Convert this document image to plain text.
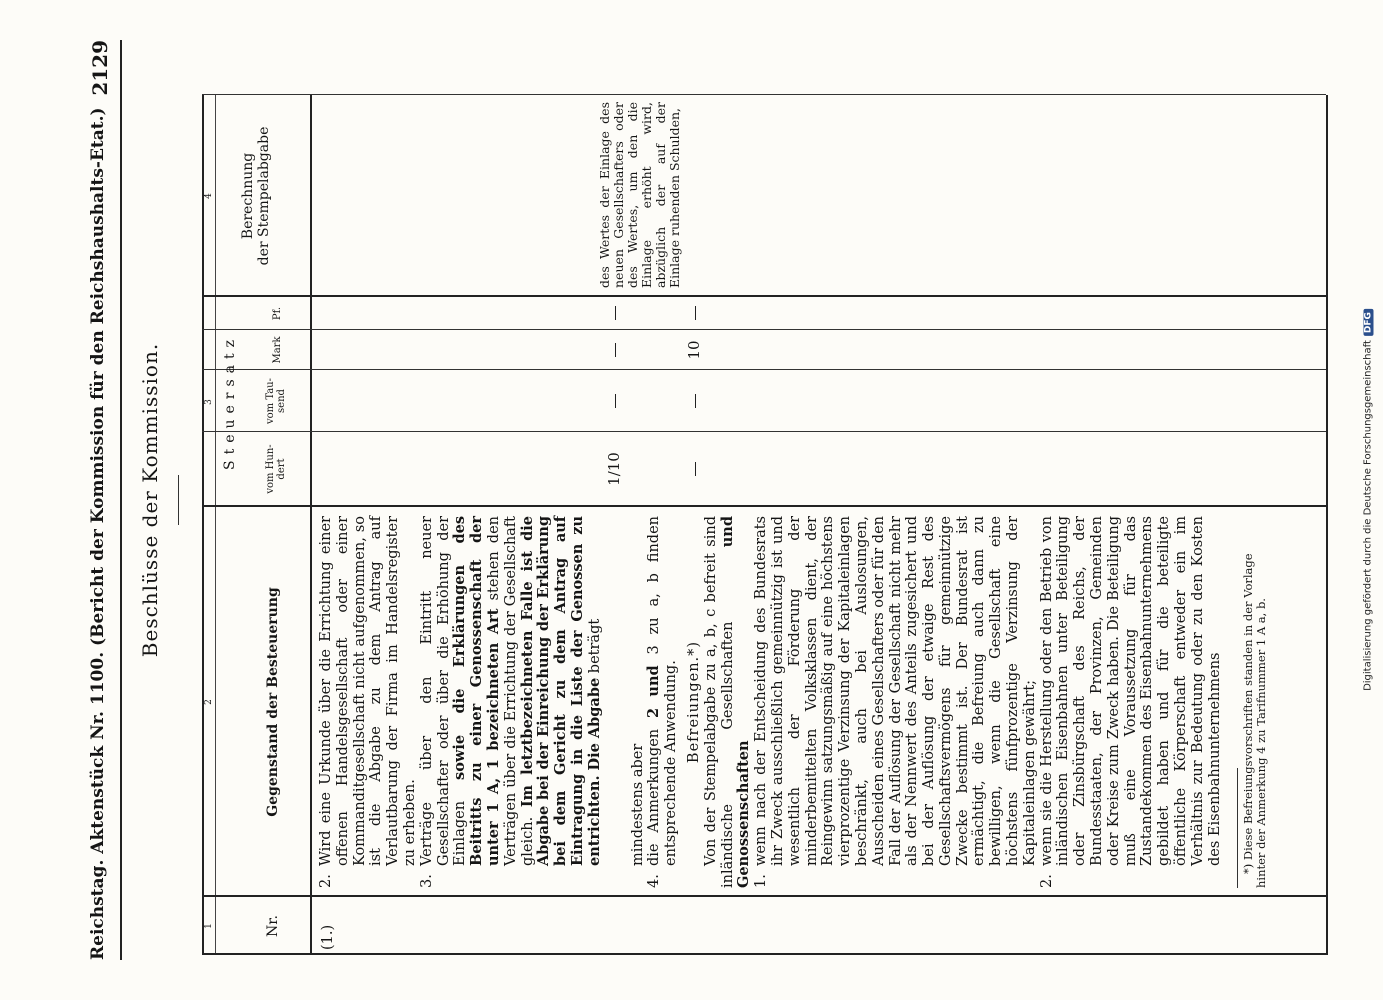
Reichstag. Aktenstück Nr. 1100. (Bericht der Kommission für den Reichshaushalts-Etat.)
2129
Beschlüsse der Kommission.
1
2
3
4
Nr.
Gegenstand der Besteuerung
Steuersatz	vom Hun- dert
vom Tau- send
Mark
Pf.
Berechnung der Stempelabgabe
(1.)
2.
Wird eine Urkunde über die Errichtung einer offenen Handelsgesellschaft oder einer Kommanditgesellschaft nicht aufgenommen, so ist die Abgabe zu dem Antrag auf Verlautbarung der Firma im Handelsregister zu erheben.
3.
Verträge über den Eintritt neuer Gesellschafter oder über die Erhöhung der Einlagen sowie die Erklärungen des Beitritts zu einer Genossenschaft der unter 1 A, 1 bezeichneten Art stehen den Verträgen über die Errichtung der Gesellschaft gleich. Im letztbezeichneten Falle ist die Abgabe bei der Einreichung der Erklärung bei dem Gericht zu dem Antrag auf Eintragung in die Liste der Genossen zu entrichten. Die Abgabe beträgt
mindestens aber
4.
die Anmerkungen 2 und 3 zu a, b finden entsprechende Anwendung. Befreiungen.*) Von der Stempelabgabe zu a, b, c befreit sind inländische Gesellschaften und Genossenschaften 1.
wenn nach der Entscheidung des Bundesrats ihr Zweck ausschließlich gemeinnützig ist und wesentlich der Förderung der minderbemittelten Volksklassen dient, der Reingewinn satzungsmäßig auf eine höchstens vierprozentige Verzinsung der Kapitaleinlagen beschränkt, auch bei Auslosungen, Ausscheiden eines Gesellschafters oder für den Fall der Auflösung der Gesellschaft nicht mehr als der Nennwert des Anteils zugesichert und bei der Auflösung der etwaige Rest des Gesellschaftsvermögens für gemeinnützige Zwecke bestimmt ist. Der Bundesrat ist ermächtigt, die Befreiung auch dann zu bewilligen, wenn die Gesellschaft eine höchstens fünfprozentige Verzinsung der Kapitaleinlagen gewährt;
2.
wenn sie die Herstellung oder den Betrieb von inländischen Eisenbahnen unter Beteiligung oder Zinsbürgschaft des Reichs, der Bundesstaaten, der Provinzen, Gemeinden oder Kreise zum Zweck haben. Die Beteiligung muß eine Voraussetzung für das Zustandekommen des Eisenbahnunternehmens gebildet haben und für die beteiligte öffentliche Körperschaft entweder ein im Verhältnis zur Bedeutung oder zu den Kosten des Eisenbahnunternehmens *) Diese Befreiungsvorschriften standen in der Vorlage hinter der Anmerkung 4 zu Tarifnummer 1 A a, b.
1/10
10
des Wertes der Einlage des neuen Gesellschafters oder des Wertes, um den die Einlage erhöht wird, abzüglich der auf der Einlage ruhenden Schulden,
Digitalisierung gefördert durch die Deutsche ForschungsgemeinschaftDFG
